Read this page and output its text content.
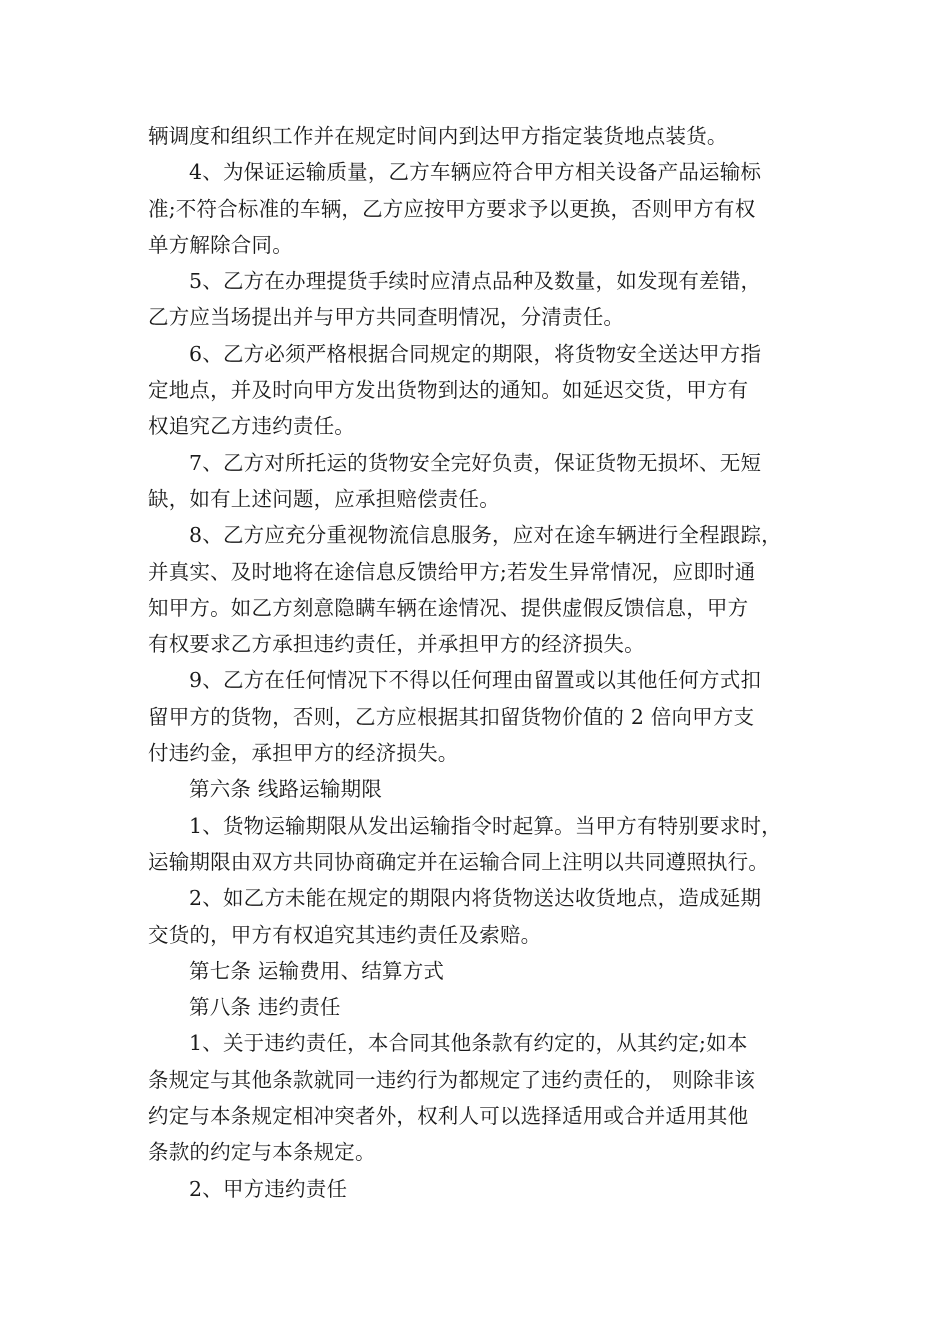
辆调度和组织工作并在规定时间内到达甲方指定装货地点装货。
4、为保证运输质量，乙方车辆应符合甲方相关设备产品运输标
准;不符合标准的车辆，乙方应按甲方要求予以更换，否则甲方有权
单方解除合同。
5、乙方在办理提货手续时应清点品种及数量，如发现有差错，
乙方应当场提出并与甲方共同查明情况，分清责任。
6、乙方必须严格根据合同规定的期限，将货物安全送达甲方指
定地点，并及时向甲方发出货物到达的通知。如延迟交货，甲方有
权追究乙方违约责任。
7、乙方对所托运的货物安全完好负责，保证货物无损坏、无短
缺，如有上述问题，应承担赔偿责任。
8、乙方应充分重视物流信息服务，应对在途车辆进行全程跟踪，
并真实、及时地将在途信息反馈给甲方;若发生异常情况，应即时通
知甲方。如乙方刻意隐瞒车辆在途情况、提供虚假反馈信息，甲方
有权要求乙方承担违约责任，并承担甲方的经济损失。
9、乙方在任何情况下不得以任何理由留置或以其他任何方式扣
留甲方的货物，否则，乙方应根据其扣留货物价值的 2 倍向甲方支
付违约金，承担甲方的经济损失。
第六条 线路运输期限
1、货物运输期限从发出运输指令时起算。当甲方有特别要求时，
运输期限由双方共同协商确定并在运输合同上注明以共同遵照执行。
2、如乙方未能在规定的期限内将货物送达收货地点，造成延期
交货的，甲方有权追究其违约责任及索赔。
第七条 运输费用、结算方式
第八条 违约责任
1、关于违约责任，本合同其他条款有约定的，从其约定;如本
条规定与其他条款就同一违约行为都规定了违约责任的， 则除非该
约定与本条规定相冲突者外，权利人可以选择适用或合并适用其他
条款的约定与本条规定。
2、甲方违约责任
